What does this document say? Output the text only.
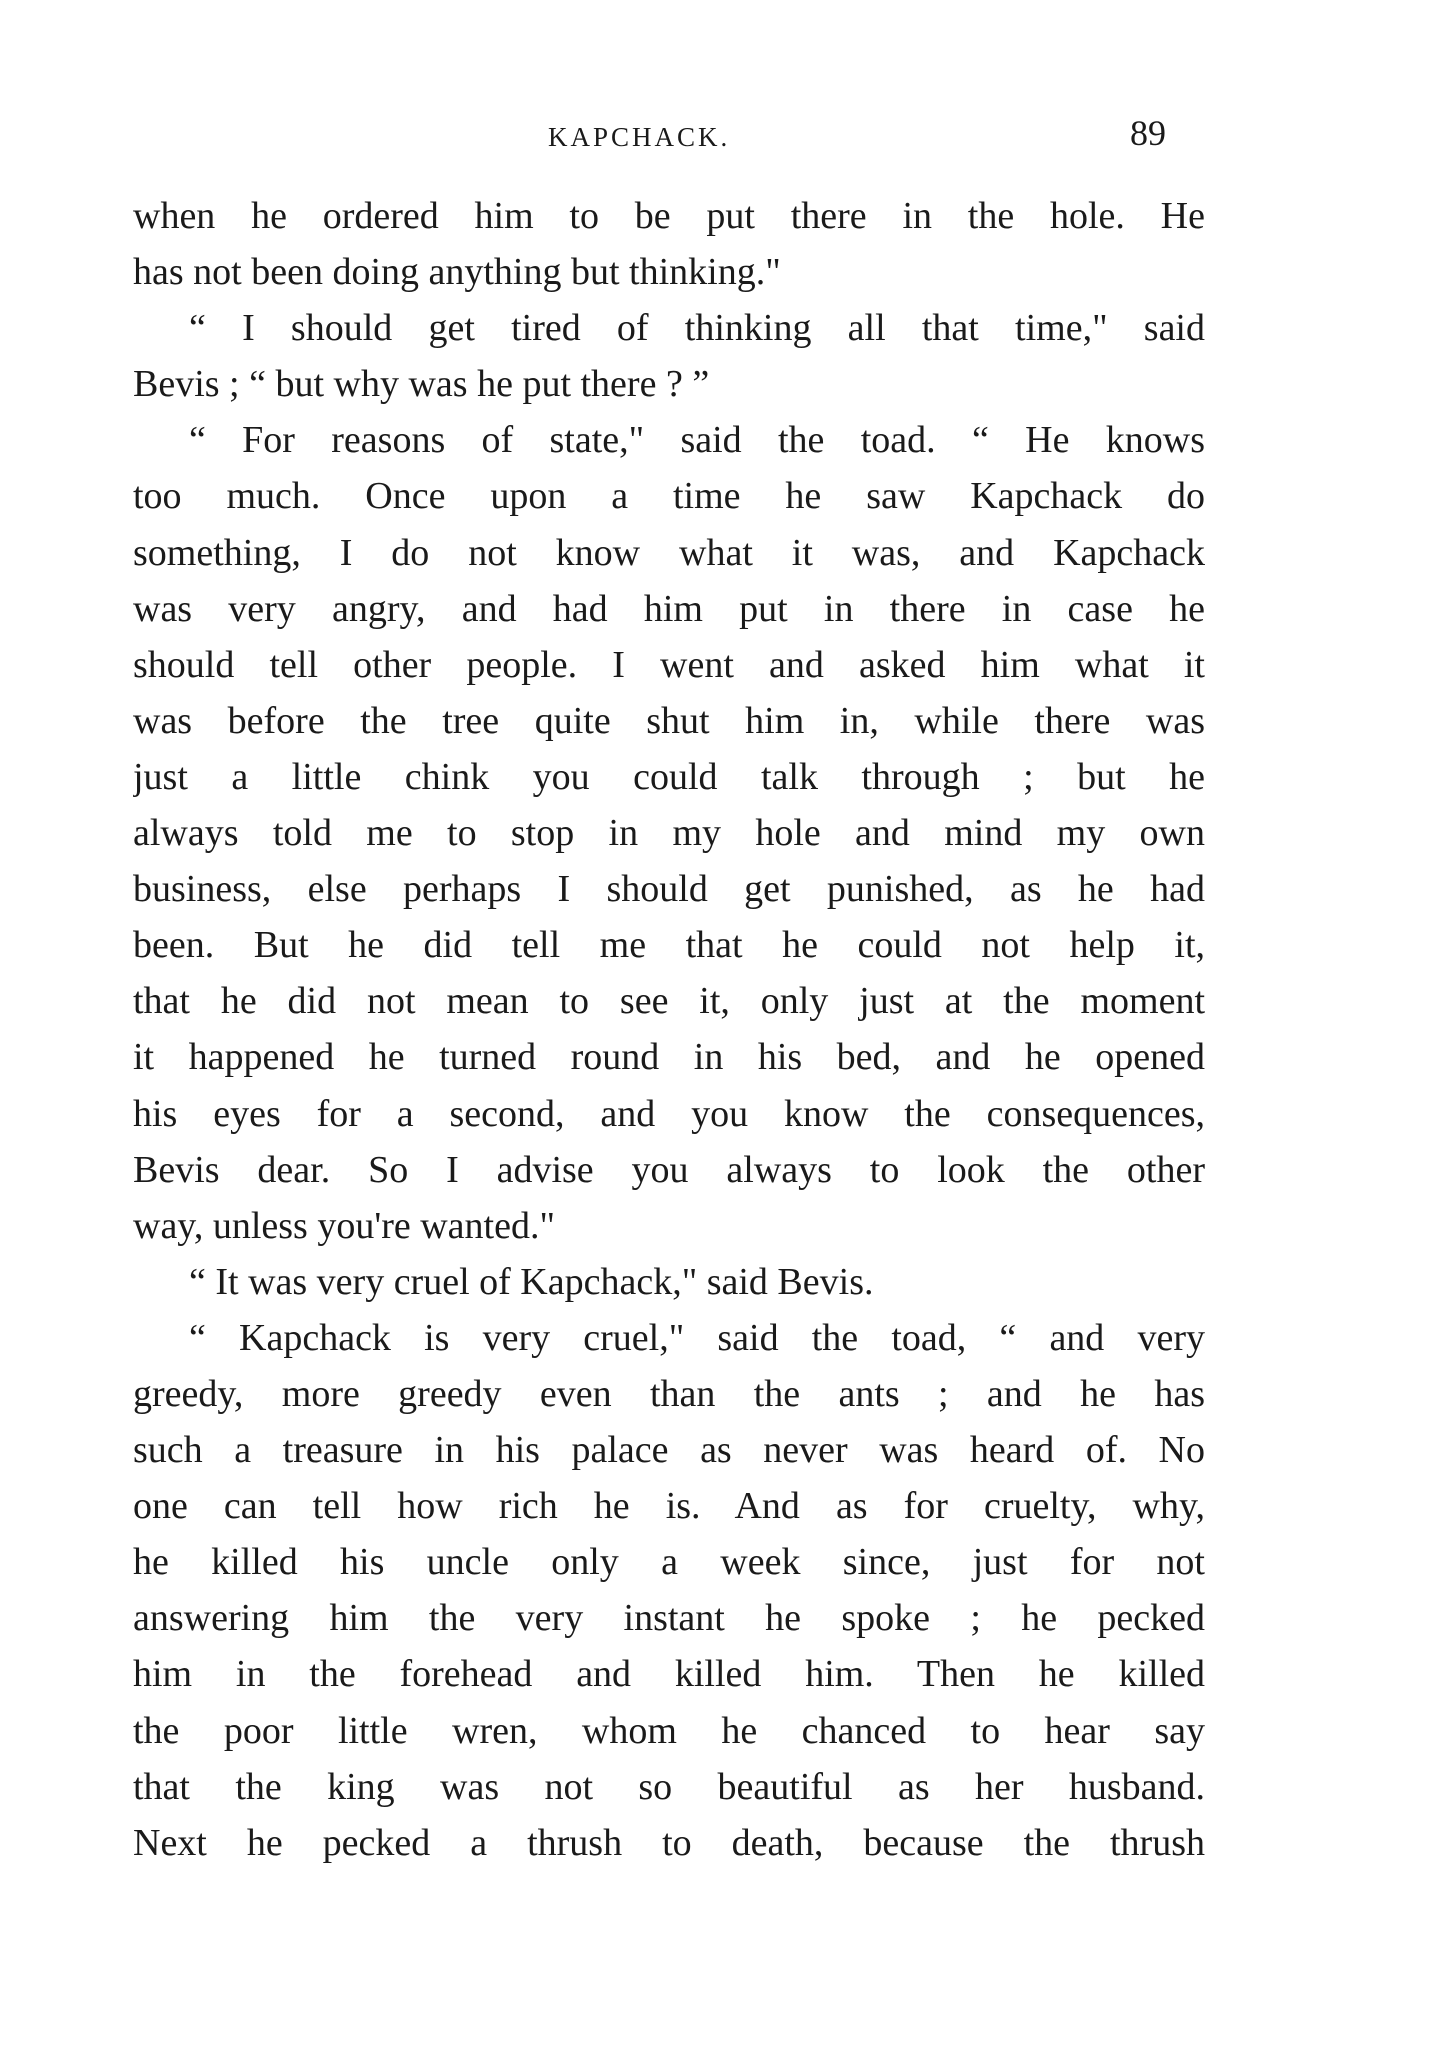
KAPCHACK.	89
when he ordered him to be put there in the hole. He
has not been doing anything but thinking."
“ I should get tired of thinking all that time," said
Bevis ; “ but why was he put there ? ”
“ For reasons of state," said the toad. “ He knows
too much. Once upon a time he saw Kapchack do
something, I do not know what it was, and Kapchack
was very angry, and had him put in there in case he
should tell other people. I went and asked him what it
was before the tree quite shut him in, while there was
just a little chink you could talk through ; but he
always told me to stop in my hole and mind my own
business, else perhaps I should get punished, as he had
been. But he did tell me that he could not help it,
that he did not mean to see it, only just at the moment
it happened he turned round in his bed, and he opened
his eyes for a second, and you know the consequences,
Bevis dear. So I advise you always to look the other
way, unless you're wanted."
“ It was very cruel of Kapchack," said Bevis.
“ Kapchack is very cruel," said the toad, “ and very
greedy, more greedy even than the ants ; and he has
such a treasure in his palace as never was heard of. No
one can tell how rich he is. And as for cruelty, why,
he killed his uncle only a week since, just for not
answering him the very instant he spoke ; he pecked
him in the forehead and killed him. Then he killed
the poor little wren, whom he chanced to hear say
that the king was not so beautiful as her husband.
Next he pecked a thrush to death, because the thrush
